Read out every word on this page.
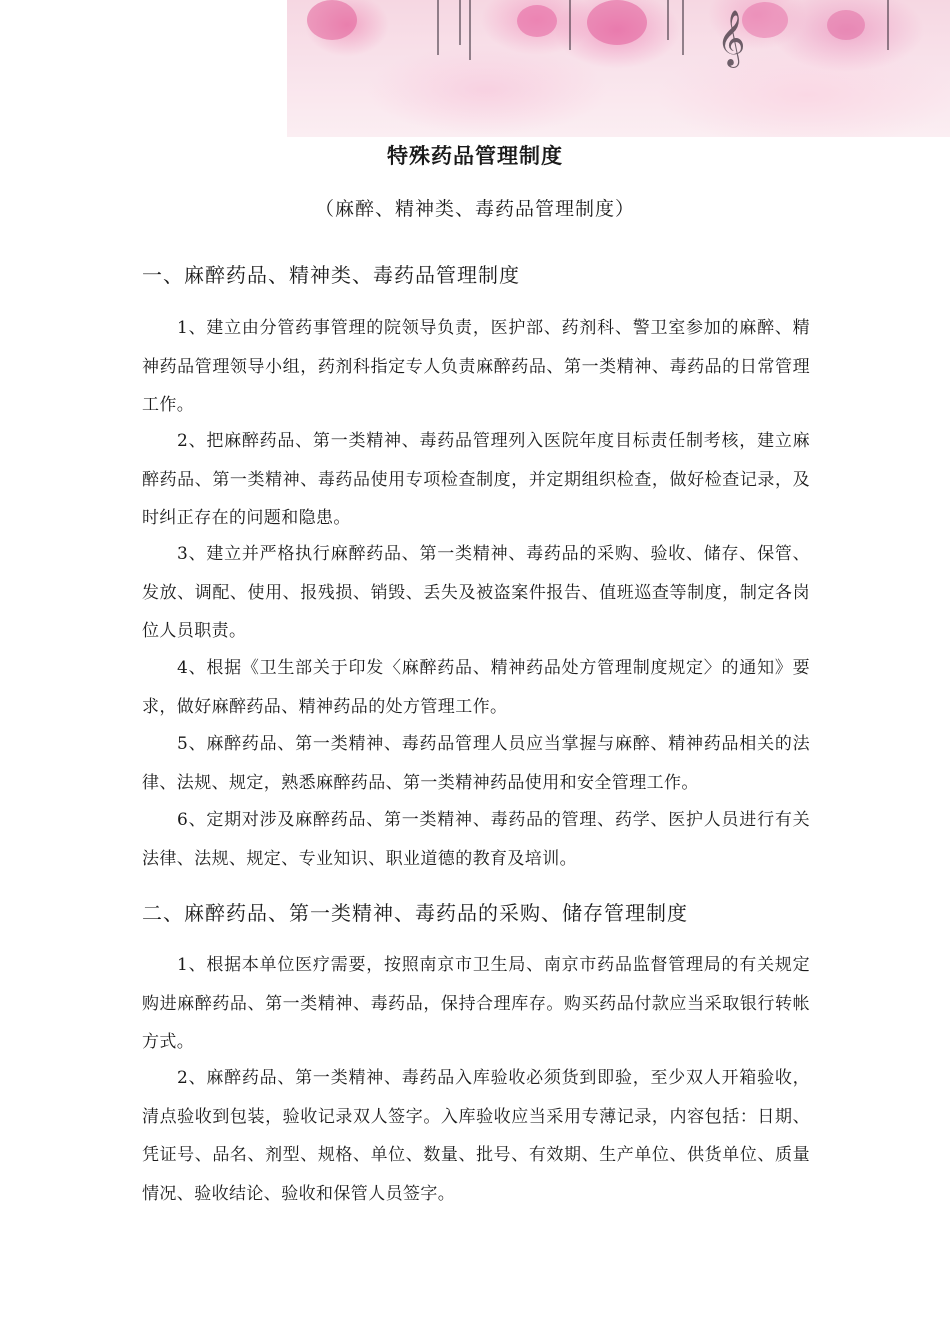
𝄞
特殊药品管理制度
（麻醉、精神类、毒药品管理制度）
一、麻醉药品、精神类、毒药品管理制度

1、建立由分管药事管理的院领导负责，医护部、药剂科、警卫室参加的麻醉、精神药品管理领导小组，药剂科指定专人负责麻醉药品、第一类精神、毒药品的日常管理工作。

2、把麻醉药品、第一类精神、毒药品管理列入医院年度目标责任制考核，建立麻醉药品、第一类精神、毒药品使用专项检查制度，并定期组织检查，做好检查记录，及时纠正存在的问题和隐患。

3、建立并严格执行麻醉药品、第一类精神、毒药品的采购、验收、储存、保管、发放、调配、使用、报残损、销毁、丢失及被盗案件报告、值班巡查等制度，制定各岗位人员职责。

4、根据《卫生部关于印发〈麻醉药品、精神药品处方管理制度规定〉的通知》要求，做好麻醉药品、精神药品的处方管理工作。

5、麻醉药品、第一类精神、毒药品管理人员应当掌握与麻醉、精神药品相关的法律、法规、规定，熟悉麻醉药品、第一类精神药品使用和安全管理工作。

6、定期对涉及麻醉药品、第一类精神、毒药品的管理、药学、医护人员进行有关法律、法规、规定、专业知识、职业道德的教育及培训。

二、麻醉药品、第一类精神、毒药品的采购、储存管理制度

1、根据本单位医疗需要，按照南京市卫生局、南京市药品监督管理局的有关规定购进麻醉药品、第一类精神、毒药品，保持合理库存。购买药品付款应当采取银行转帐方式。

2、麻醉药品、第一类精神、毒药品入库验收必须货到即验，至少双人开箱验收，清点验收到包装，验收记录双人签字。入库验收应当采用专薄记录，内容包括：日期、凭证号、品名、剂型、规格、单位、数量、批号、有效期、生产单位、供货单位、质量情况、验收结论、验收和保管人员签字。
